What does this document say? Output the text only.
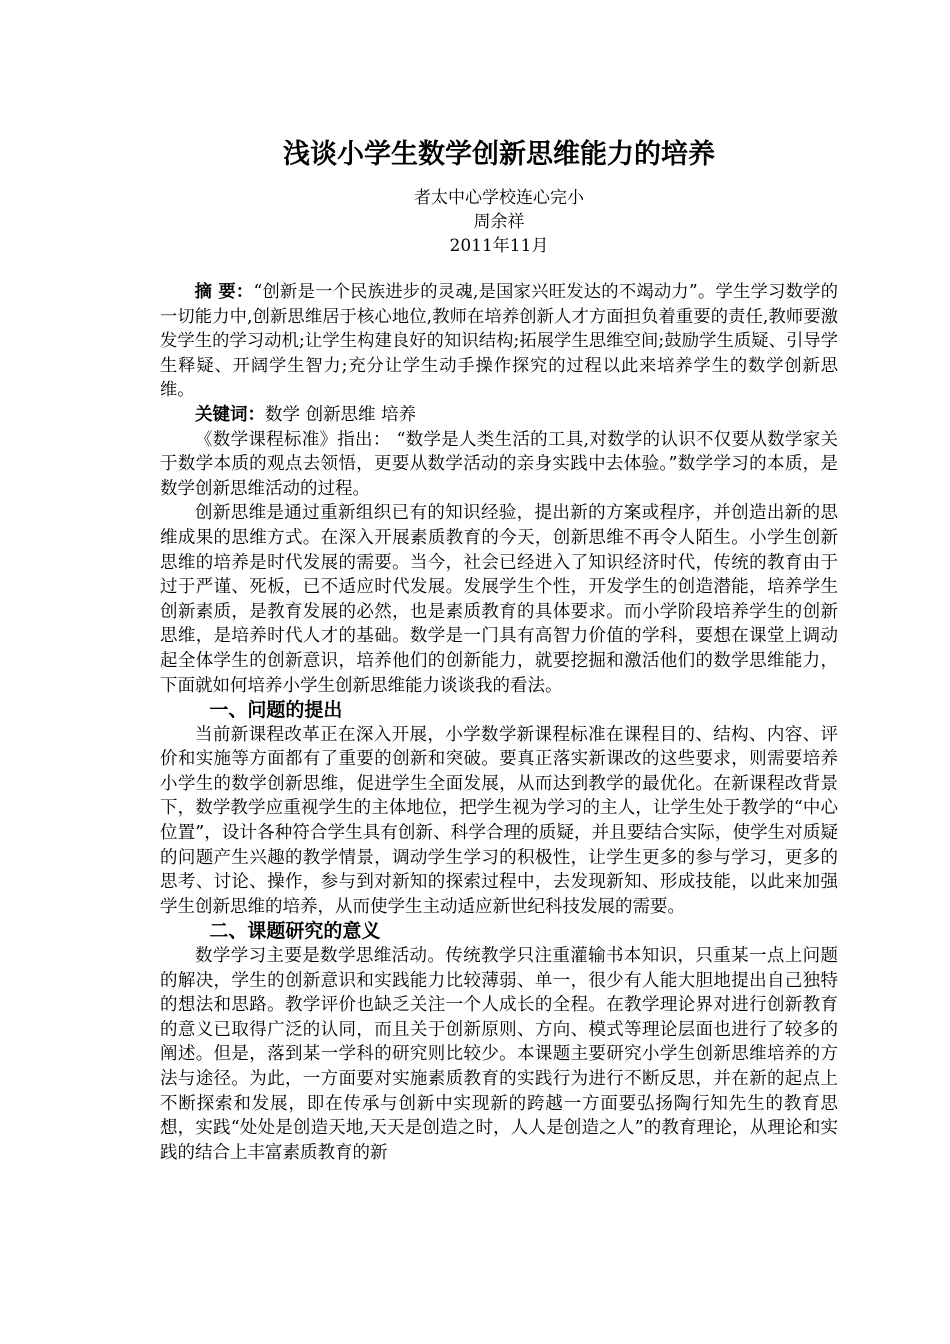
浅谈小学生数学创新思维能力的培养
者太中心学校连心完小
周余祥
2011年11月

摘 要：“创新是一个民族进步的灵魂,是国家兴旺发达的不竭动力”。学生学习数学的一切能力中,创新思维居于核心地位,教师在培养创新人才方面担负着重要的责任,教师要激发学生的学习动机;让学生构建良好的知识结构;拓展学生思维空间;鼓励学生质疑、引导学生释疑、开阔学生智力;充分让学生动手操作探究的过程以此来培养学生的数学创新思维。

关键词：数学 创新思维 培养

《数学课程标准》指出： “数学是人类生活的工具,对数学的认识不仅要从数学家关于数学本质的观点去领悟，更要从数学活动的亲身实践中去体验。”数学学习的本质，是数学创新思维活动的过程。

创新思维是通过重新组织已有的知识经验，提出新的方案或程序，并创造出新的思维成果的思维方式。在深入开展素质教育的今天，创新思维不再令人陌生。小学生创新思维的培养是时代发展的需要。当今，社会已经进入了知识经济时代，传统的教育由于过于严谨、死板，已不适应时代发展。发展学生个性，开发学生的创造潜能，培养学生创新素质，是教育发展的必然，也是素质教育的具体要求。而小学阶段培养学生的创新思维，是培养时代人才的基础。数学是一门具有高智力价值的学科，要想在课堂上调动起全体学生的创新意识，培养他们的创新能力，就要挖掘和激活他们的数学思维能力，下面就如何培养小学生创新思维能力谈谈我的看法。

一、问题的提出

当前新课程改革正在深入开展，小学数学新课程标准在课程目的、结构、内容、评价和实施等方面都有了重要的创新和突破。要真正落实新课改的这些要求，则需要培养小学生的数学创新思维，促进学生全面发展，从而达到教学的最优化。在新课程改背景下，数学教学应重视学生的主体地位，把学生视为学习的主人，让学生处于教学的“中心位置”，设计各种符合学生具有创新、科学合理的质疑，并且要结合实际，使学生对质疑的问题产生兴趣的教学情景，调动学生学习的积极性，让学生更多的参与学习，更多的思考、讨论、操作，参与到对新知的探索过程中，去发现新知、形成技能，以此来加强学生创新思维的培养，从而使学生主动适应新世纪科技发展的需要。

二、课题研究的意义

数学学习主要是数学思维活动。传统教学只注重灌输书本知识，只重某一点上问题的解决，学生的创新意识和实践能力比较薄弱、单一，很少有人能大胆地提出自己独特的想法和思路。教学评价也缺乏关注一个人成长的全程。在教学理论界对进行创新教育的意义已取得广泛的认同，而且关于创新原则、方向、模式等理论层面也进行了较多的阐述。但是，落到某一学科的研究则比较少。本课题主要研究小学生创新思维培养的方法与途径。为此，一方面要对实施素质教育的实践行为进行不断反思，并在新的起点上不断探索和发展，即在传承与创新中实现新的跨越一方面要弘扬陶行知先生的教育思想，实践“处处是创造天地,天天是创造之时，人人是创造之人”的教育理论，从理论和实践的结合上丰富素质教育的新
